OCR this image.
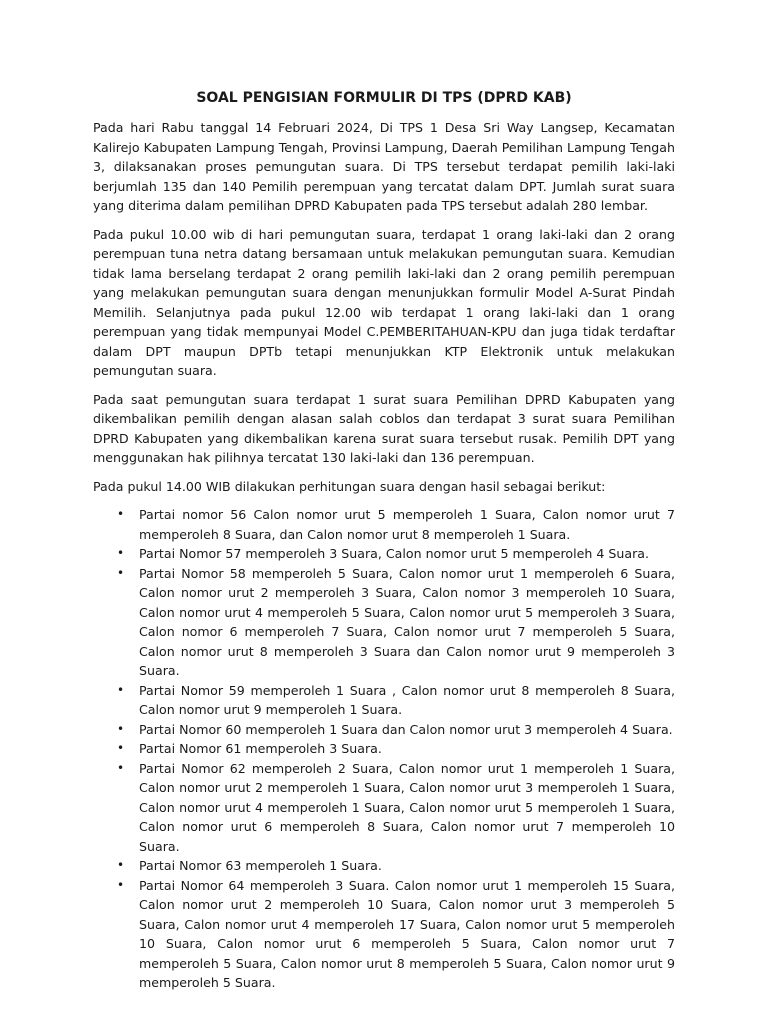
SOAL PENGISIAN FORMULIR DI TPS (DPRD KAB)

Pada hari Rabu tanggal 14 Februari 2024, Di TPS 1 Desa Sri Way Langsep, Kecamatan Kalirejo Kabupaten Lampung Tengah, Provinsi Lampung, Daerah Pemilihan Lampung Tengah 3, dilaksanakan proses pemungutan suara. Di TPS tersebut terdapat pemilih laki-laki berjumlah 135 dan 140 Pemilih perempuan yang tercatat dalam DPT. Jumlah surat suara yang diterima dalam pemilihan DPRD Kabupaten pada TPS tersebut adalah 280 lembar.

Pada pukul 10.00 wib di hari pemungutan suara, terdapat 1 orang laki-laki dan 2 orang perempuan tuna netra datang bersamaan untuk melakukan pemungutan suara. Kemudian tidak lama berselang terdapat 2 orang pemilih laki-laki dan 2 orang pemilih perempuan yang melakukan pemungutan suara dengan menunjukkan formulir Model A-Surat Pindah Memilih. Selanjutnya pada pukul 12.00 wib terdapat 1 orang laki-laki dan 1 orang perempuan yang tidak mempunyai Model C.PEMBERITAHUAN-KPU dan juga tidak terdaftar dalam DPT maupun DPTb tetapi menunjukkan KTP Elektronik untuk melakukan pemungutan suara.

Pada saat pemungutan suara terdapat 1 surat suara Pemilihan DPRD Kabupaten yang dikembalikan pemilih dengan alasan salah coblos dan terdapat 3 surat suara Pemilihan DPRD Kabupaten yang dikembalikan karena surat suara tersebut rusak. Pemilih DPT yang menggunakan hak pilihnya tercatat 130 laki-laki dan 136 perempuan.

Pada pukul 14.00 WIB dilakukan perhitungan suara dengan hasil sebagai berikut:

• Partai nomor 56 Calon nomor urut 5 memperoleh 1 Suara, Calon nomor urut 7 memperoleh 8 Suara, dan Calon nomor urut 8 memperoleh 1 Suara.
• Partai Nomor 57 memperoleh 3 Suara, Calon nomor urut 5 memperoleh 4 Suara.
• Partai Nomor 58 memperoleh 5 Suara, Calon nomor urut 1 memperoleh 6 Suara, Calon nomor urut 2 memperoleh 3 Suara, Calon nomor 3 memperoleh 10 Suara, Calon nomor urut 4 memperoleh 5 Suara, Calon nomor urut 5 memperoleh 3 Suara, Calon nomor 6 memperoleh 7 Suara, Calon nomor urut 7 memperoleh 5 Suara, Calon nomor urut 8 memperoleh 3 Suara dan Calon nomor urut 9 memperoleh 3 Suara.
• Partai Nomor 59 memperoleh 1 Suara , Calon nomor urut 8 memperoleh 8 Suara, Calon nomor urut 9 memperoleh 1 Suara.
• Partai Nomor 60 memperoleh 1 Suara dan Calon nomor urut 3 memperoleh 4 Suara.
• Partai Nomor 61 memperoleh 3 Suara.
• Partai Nomor 62 memperoleh 2 Suara, Calon nomor urut 1 memperoleh 1 Suara, Calon nomor urut 2 memperoleh 1 Suara, Calon nomor urut 3 memperoleh 1 Suara, Calon nomor urut 4 memperoleh 1 Suara, Calon nomor urut 5 memperoleh 1 Suara, Calon nomor urut 6 memperoleh 8 Suara, Calon nomor urut 7 memperoleh 10 Suara.
• Partai Nomor 63 memperoleh 1 Suara.
• Partai Nomor 64 memperoleh 3 Suara. Calon nomor urut 1 memperoleh 15 Suara, Calon nomor urut 2 memperoleh 10 Suara, Calon nomor urut 3 memperoleh 5 Suara, Calon nomor urut 4 memperoleh 17 Suara, Calon nomor urut 5 memperoleh 10 Suara, Calon nomor urut 6 memperoleh 5 Suara, Calon nomor urut 7 memperoleh 5 Suara, Calon nomor urut 8 memperoleh 5 Suara, Calon nomor urut 9 memperoleh 5 Suara.
